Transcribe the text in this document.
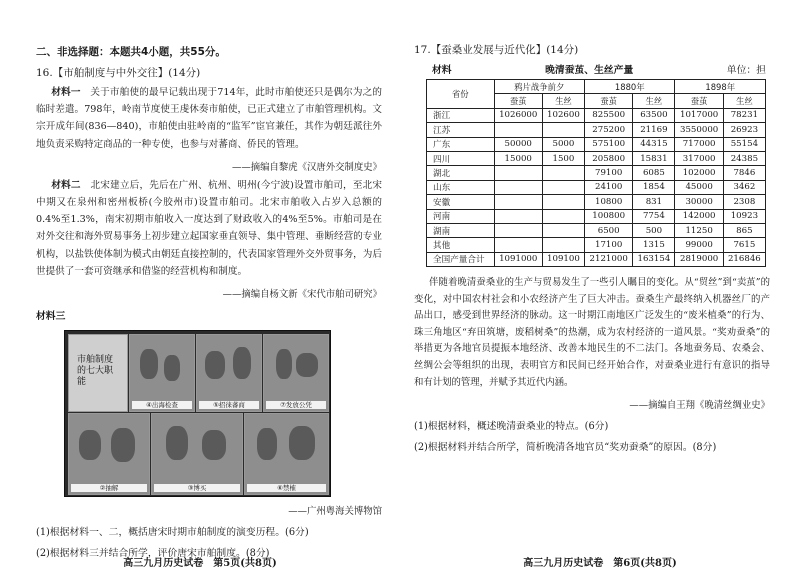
二、非选择题：本题共4小题，共55分。

16.【市舶制度与中外交往】(14分)

材料一　 关于市舶使的最早记载出现于714年，此时市舶使还只是偶尔为之的临时差遣。798年，岭南节度使王虔休奏市舶使，已正式建立了市舶管理机构。文宗开成年间(836—840)，市舶使由驻岭南的“监军”宦官兼任，其作为朝廷派往外地负责采购特定商品的一种专使，也参与对蕃商、侨民的管理。

——摘编自黎虎《汉唐外交制度史》

材料二　 北宋建立后，先后在广州、杭州、明州(今宁波)设置市舶司，至北宋中期又在泉州和密州板桥(今胶州市)设置市舶司。北宋市舶收入占岁入总额的0.4%至1.3%，南宋初期市舶收入一度达到了财政收入的4%至5%。市舶司是在对外交往和海外贸易事务上初步建立起国家垂直领导、集中管理、垂断经营的专业机构，以盐铁使体制为模式由朝廷直接控制的，代表国家管理外交外贸事务，为后世提供了一套可资继承和借鉴的经营机构和制度。

——摘编自杨文新《宋代市舶司研究》

材料三

市舶制度的七大职能
④出海检查	⑤招徕蕃商	⑦发放公凭
②抽解	③博买	⑥禁榷

——广州粤海关博物馆

(1)根据材料一、二，概括唐宋时期市舶制度的演变历程。(6分)

(2)根据材料三并结合所学，评价唐宋市舶制度。(8分)

高三九月历史试卷　第5页(共8页)

17.【蚕桑业发展与近代化】(14分)

材料	晚清蚕茧、生丝产量	单位：担
省份	鸦片战争前夕		1880年		1898年	
	蚕茧	生丝	蚕茧	生丝	蚕茧	生丝
浙江	1026000	102600	825500	63500	1017000	78231
江苏			275200	21169	3550000	26923
广东	50000	5000	575100	44315	717000	55154
四川	15000	1500	205800	15831	317000	24385
湖北			79100	6085	102000	7846
山东			24100	1854	45000	3462
安徽			10800	831	30000	2308
河南			100800	7754	142000	10923
湖南			6500	500	11250	865
其他			17100	1315	99000	7615
全国产量合计	1091000	109100	2121000	163154	2819000	216846

伴随着晚清蚕桑业的生产与贸易发生了一些引人瞩目的变化。从“贸丝”到“卖茧”的变化，对中国农村社会和小农经济产生了巨大冲击。蚕桑生产最终纳入机器丝厂的产品出口，感受到世界经济的脉动。这一时期江南地区广泛发生的“废米植桑”的行为、珠三角地区“弃田筑塘，废稻树桑”的热潮，成为农村经济的一道风景。“奖劝蚕桑”的举措更为各地官员提振本地经济、改善本地民生的不二法门。各地蚕务局、农桑会、丝绸公会等组织的出现，表明官方和民间已经开始合作，对蚕桑业进行有意识的指导和有计划的管理，并赋予其近代内涵。

——摘编自王翔《晚清丝绸业史》

(1)根据材料，概述晚清蚕桑业的特点。(6分)

(2)根据材料并结合所学，简析晚清各地官员“奖劝蚕桑”的原因。(8分)

高三九月历史试卷　第6页(共8页)
